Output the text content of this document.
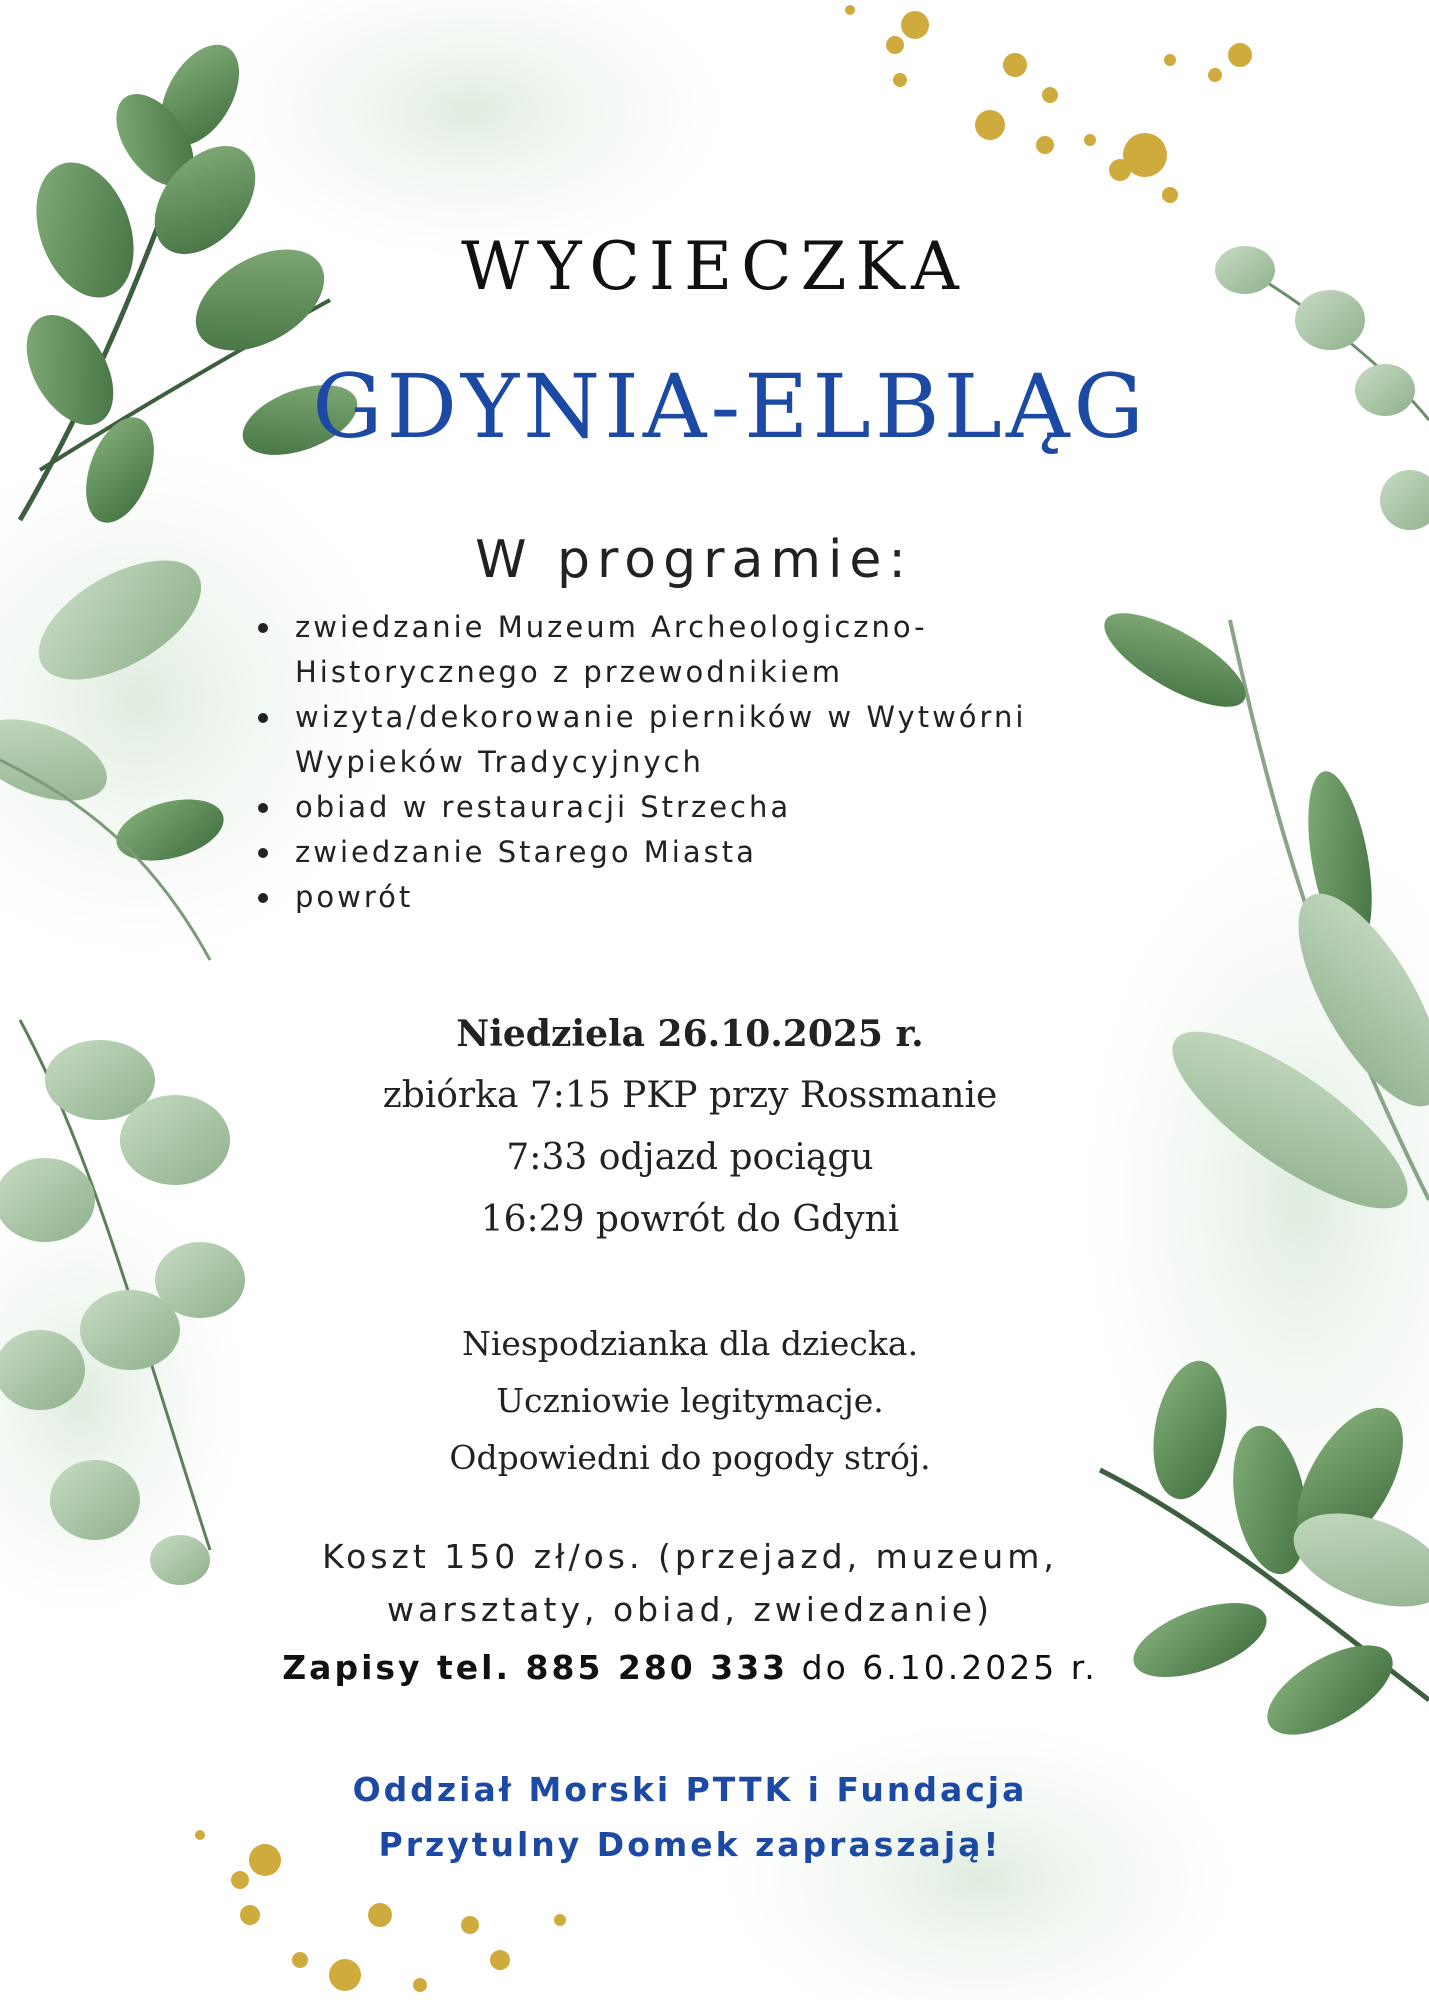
WYCIECZKA
GDYNIA-ELBLĄG
W programie:
zwiedzanie Muzeum Archeologiczno-Historycznego z przewodnikiem
wizyta/dekorowanie pierników w Wytwórni Wypieków Tradycyjnych
obiad w restauracji Strzecha
zwiedzanie Starego Miasta
powrót
Niedziela 26.10.2025 r.
zbiórka 7:15 PKP przy Rossmanie
7:33 odjazd pociągu
16:29 powrót do Gdyni
Niespodzianka dla dziecka.
Uczniowie legitymacje.
Odpowiedni do pogody strój.
Koszt 150 zł/os. (przejazd, muzeum,
warsztaty, obiad, zwiedzanie)
Zapisy tel. 885 280 333 do 6.10.2025 r.
Oddział Morski PTTK i Fundacja
Przytulny Domek zapraszają!
